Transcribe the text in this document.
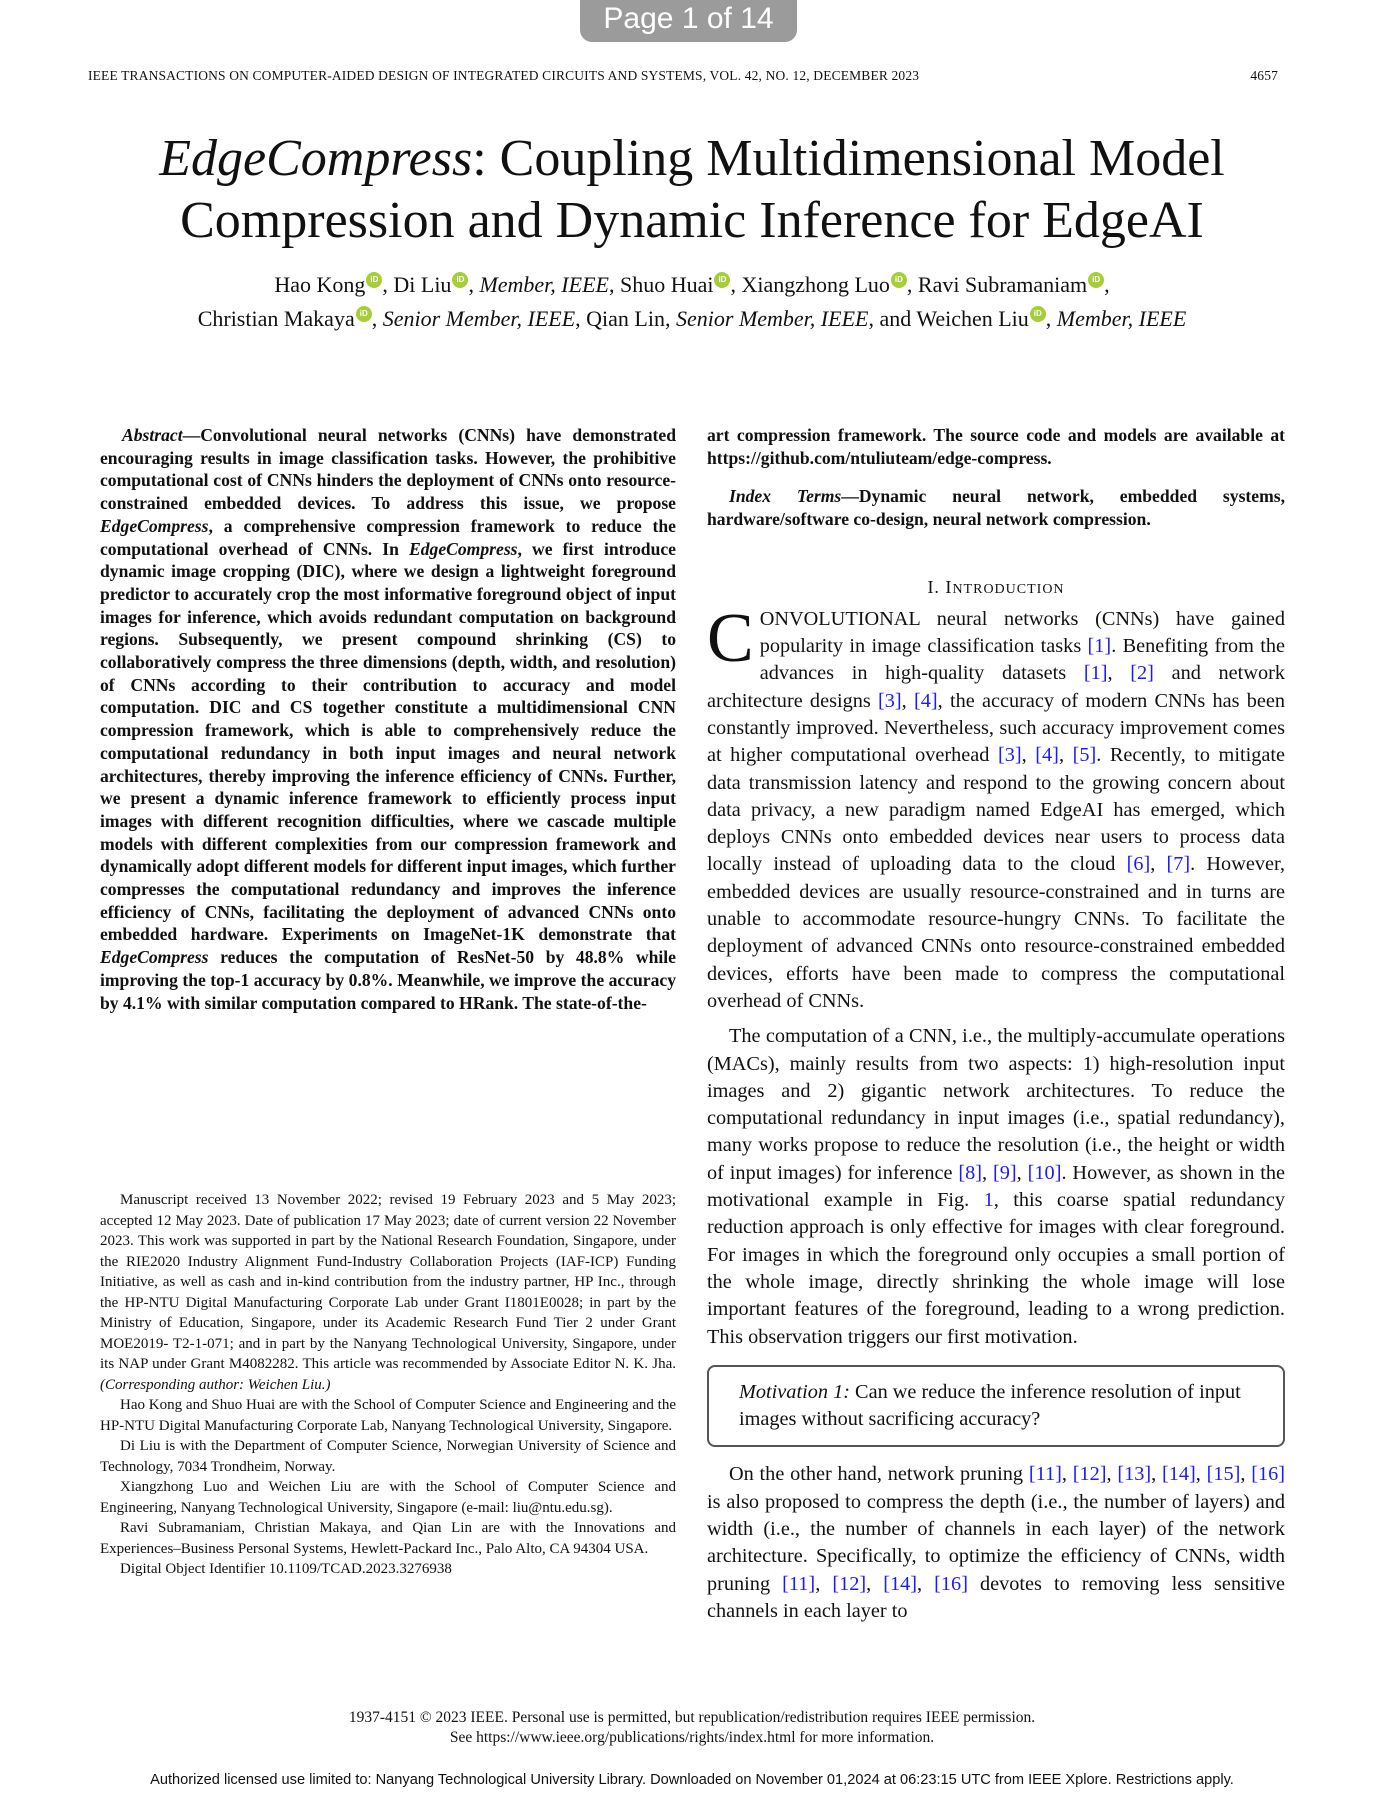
Page 1 of 14
IEEE TRANSACTIONS ON COMPUTER-AIDED DESIGN OF INTEGRATED CIRCUITS AND SYSTEMS, VOL. 42, NO. 12, DECEMBER 2023	4657
EdgeCompress: Coupling Multidimensional Model
Compression and Dynamic Inference for EdgeAI
Hao Kong iD , Di Liu iD , Member, IEEE, Shuo Huai iD , Xiangzhong Luo iD , Ravi Subramaniam iD ,
Christian Makaya iD , Senior Member, IEEE, Qian Lin, Senior Member, IEEE, and Weichen Liu iD , Member, IEEE

Abstract—Convolutional neural networks (CNNs) have demonstrated encouraging results in image classification tasks. However, the prohibitive computational cost of CNNs hinders the deployment of CNNs onto resource-constrained embedded devices. To address this issue, we propose EdgeCompress, a comprehensive compression framework to reduce the computational overhead of CNNs. In EdgeCompress, we first introduce dynamic image cropping (DIC), where we design a lightweight foreground predictor to accurately crop the most informative foreground object of input images for inference, which avoids redundant computation on background regions. Subsequently, we present compound shrinking (CS) to collaboratively compress the three dimensions (depth, width, and resolution) of CNNs according to their contribution to accuracy and model computation. DIC and CS together constitute a multidimensional CNN compression framework, which is able to comprehensively reduce the computational redundancy in both input images and neural network architectures, thereby improving the inference efficiency of CNNs. Further, we present a dynamic inference framework to efficiently process input images with different recognition difficulties, where we cascade multiple models with different complexities from our compression framework and dynamically adopt different models for different input images, which further compresses the computational redundancy and improves the inference efficiency of CNNs, facilitating the deployment of advanced CNNs onto embedded hardware. Experiments on ImageNet-1K demonstrate that EdgeCompress reduces the computation of ResNet-50 by 48.8% while improving the top-1 accuracy by 0.8%. Meanwhile, we improve the accuracy by 4.1% with similar computation compared to HRank. The state-of-the-

Manuscript received 13 November 2022; revised 19 February 2023 and 5 May 2023; accepted 12 May 2023. Date of publication 17 May 2023; date of current version 22 November 2023. This work was supported in part by the National Research Foundation, Singapore, under the RIE2020 Industry Alignment Fund-Industry Collaboration Projects (IAF-ICP) Funding Initiative, as well as cash and in-kind contribution from the industry partner, HP Inc., through the HP-NTU Digital Manufacturing Corporate Lab under Grant I1801E0028; in part by the Ministry of Education, Singapore, under its Academic Research Fund Tier 2 under Grant MOE2019- T2-1-071; and in part by the Nanyang Technological University, Singapore, under its NAP under Grant M4082282. This article was recommended by Associate Editor N. K. Jha. (Corresponding author: Weichen Liu.)

Hao Kong and Shuo Huai are with the School of Computer Science and Engineering and the HP-NTU Digital Manufacturing Corporate Lab, Nanyang Technological University, Singapore.

Di Liu is with the Department of Computer Science, Norwegian University of Science and Technology, 7034 Trondheim, Norway.

Xiangzhong Luo and Weichen Liu are with the School of Computer Science and Engineering, Nanyang Technological University, Singapore (e-mail: liu@ntu.edu.sg).

Ravi Subramaniam, Christian Makaya, and Qian Lin are with the Innovations and Experiences–Business Personal Systems, Hewlett-Packard Inc., Palo Alto, CA 94304 USA.

Digital Object Identifier 10.1109/TCAD.2023.3276938

art compression framework. The source code and models are available at https://github.com/ntuliuteam/edge-compress.

Index Terms—Dynamic neural network, embedded systems, hardware/software co-design, neural network compression.

I. INTRODUCTION

CONVOLUTIONAL neural networks (CNNs) have gained popularity in image classification tasks [1]. Benefiting from the advances in high-quality datasets [1], [2] and network architecture designs [3], [4], the accuracy of modern CNNs has been constantly improved. Nevertheless, such accuracy improvement comes at higher computational overhead [3], [4], [5]. Recently, to mitigate data transmission latency and respond to the growing concern about data privacy, a new paradigm named EdgeAI has emerged, which deploys CNNs onto embedded devices near users to process data locally instead of uploading data to the cloud [6], [7]. However, embedded devices are usually resource-constrained and in turns are unable to accommodate resource-hungry CNNs. To facilitate the deployment of advanced CNNs onto resource-constrained embedded devices, efforts have been made to compress the computational overhead of CNNs.

The computation of a CNN, i.e., the multiply-accumulate operations (MACs), mainly results from two aspects: 1) high-resolution input images and 2) gigantic network architectures. To reduce the computational redundancy in input images (i.e., spatial redundancy), many works propose to reduce the resolution (i.e., the height or width of input images) for inference [8], [9], [10]. However, as shown in the motivational example in Fig. 1, this coarse spatial redundancy reduction approach is only effective for images with clear foreground. For images in which the foreground only occupies a small portion of the whole image, directly shrinking the whole image will lose important features of the foreground, leading to a wrong prediction. This observation triggers our first motivation.

Motivation 1: Can we reduce the inference resolution of input images without sacrificing accuracy?

On the other hand, network pruning [11], [12], [13], [14], [15], [16] is also proposed to compress the depth (i.e., the number of layers) and width (i.e., the number of channels in each layer) of the network architecture. Specifically, to optimize the efficiency of CNNs, width pruning [11], [12], [14], [16] devotes to removing less sensitive channels in each layer to

1937-4151 © 2023 IEEE. Personal use is permitted, but republication/redistribution requires IEEE permission.
See https://www.ieee.org/publications/rights/index.html for more information.
Authorized licensed use limited to: Nanyang Technological University Library. Downloaded on November 01,2024 at 06:23:15 UTC from IEEE Xplore. Restrictions apply.
